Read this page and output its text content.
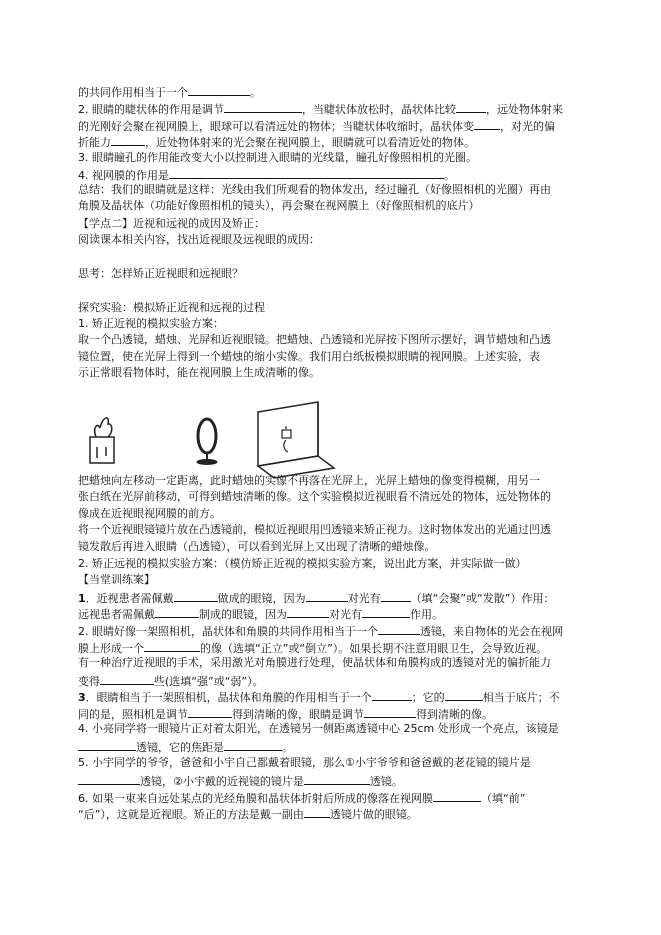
的共同作用相当于一个	。
2. 眼睛的睫状体的作用是调节	，当睫状体放松时，晶状体比较	，远处物体射来
的光刚好会聚在视网膜上，眼球可以看清远处的物体；当睫状体收缩时，晶状体变 ，对光的偏
折能力	，近处物体射来的光会聚在视网膜上，眼睛就可以看清近处的物体。
3. 眼睛瞳孔的作用能改变大小以控制进入眼睛的光线量，瞳孔好像照相机的光圈。
4. 视网膜的作用是	。
总结：我们的眼睛就是这样：光线由我们所观看的物体发出，经过瞳孔（好像照相机的光圈）再由
角膜及晶状体（功能好像照相机的镜头），再会聚在视网膜上（好像照相机的底片）
【学点二】近视和远视的成因及矫正：
阅读课本相关内容，找出近视眼及远视眼的成因：
思考：怎样矫正近视眼和远视眼？
探究实验：模拟矫正近视和远视的过程
1. 矫正近视的模拟实验方案：
取一个凸透镜，蜡烛、光屏和近视眼镜。把蜡烛、凸透镜和光屏按下图所示摆好，调节蜡烛和凸透
镜位置，使在光屏上得到一个蜡烛的缩小实像。我们用白纸板模拟眼睛的视网膜。上述实验，表
示正常眼看物体时，能在视网膜上生成清晰的像。
把蜡烛向左移动一定距离，此时蜡烛的实像不再落在光屏上，光屏上蜡烛的像变得模糊，用另一
张白纸在光屏前移动，可得到蜡烛清晰的像。这个实验模拟近视眼看不清远处的物体，远处物体的
像成在近视眼视网膜的前方。
将一个近视眼镜镜片放在凸透镜前，模拟近视眼用凹透镜来矫正视力。这时物体发出的光通过凹透
镜发散后再进入眼睛（凸透镜），可以看到光屏上又出现了清晰的蜡烛像。
2. 矫正远视的模拟实验方案：（模仿矫正近视的模拟实验方案，说出此方案，并实际做一做）
【当堂训练案】
1．近视患者需佩戴	做成的眼镜，因为	对光有	（填“会聚”或“发散”）作用：
远视患者需佩戴	制成的眼镜，因为	对光有	作用。
2. 眼睛好像一架照相机，晶状体和角膜的共同作用相当于一个	透镜，来自物体的光会在视网
膜上形成一个	的像（选填“正立”或“倒立”）。如果长期不注意用眼卫生，会导致近视。
有一种治疗近视眼的手术，采用激光对角膜进行处理，使晶状体和角膜构成的透镜对光的偏折能力
变得	些(选填“强”或“弱”）。
3．眼睛相当于一架照相机，晶状体和角膜的作用相当于一个	；它的	相当于底片；不
同的是，照相机是调节	得到清晰的像，眼睛是调节	得到清晰的像。
4. 小亮同学将一眼镜片正对着太阳光，在透镜另一侧距离透镜中心 25cm 处形成一个亮点，该镜是
透镜，它的焦距是	。
5. 小宇同学的爷爷，爸爸和小宇自己都戴着眼镜，那么①小宇爷爷和爸爸戴的老花镜的镜片是
透镜，②小宇戴的近视镜的镜片是	透镜。
6. 如果一束来自远处某点的光经角膜和晶状体折射后所成的像落在视网膜	（填“前”
“后”），这就是近视眼。矫正的方法是戴一副由 透镜片做的眼镜。
